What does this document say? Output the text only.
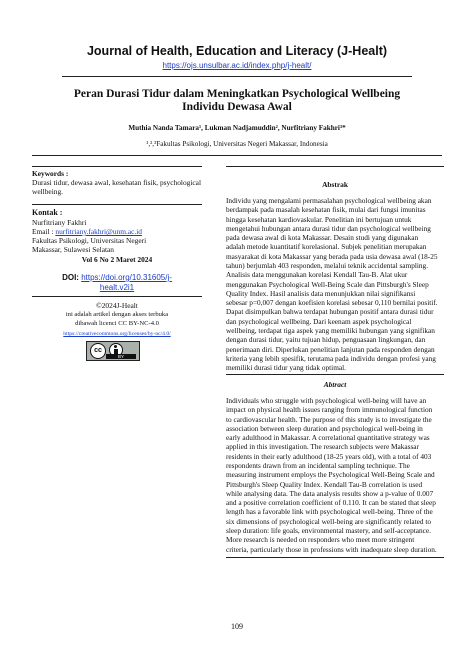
Journal of Health, Education and Literacy (J-Healt)
https://ojs.unsulbar.ac.id/index.php/j-healt/
Peran Durasi Tidur dalam Meningkatkan Psychological Wellbeing Individu Dewasa Awal
Muthia Nanda Tamara¹, Lukman Nadjamuddin², Nurfitriany Fakhri³*
¹,²,³Fakultas Psikologi, Universitas Negeri Makassar, Indonesia
Keywords :
Durasi tidur, dewasa awal, kesehatan fisik, psychological wellbeing.
Kontak :
Nurfitriany Fakhri
Email : nurfitriany.fakhri@unm.ac.id
Fakultas Psikologi, Universitas Negeri
Makassar, Sulawesi Selatan
Vol 6 No 2 Maret 2024
DOI: https://doi.org/10.31605/j-
healt.v2i1
©2024J-Healt
ini adalah artikel dengan akses terbuka
dibawah licenci CC BY-NC-4.0
https://creativecommons.org/licenses/by-nc/4.0/
cc
BY
Abstrak
Individu yang mengalami permasalahan psychological wellbeing akan
berdampak pada masalah kesehatan fisik, mulai dari fungsi imunitas
hingga kesehatan kardiovaskular. Penelitian ini bertujuan untuk
mengetahui hubungan antara durasi tidur dan psychological wellbeing
pada dewasa awal di kota Makassar. Desain studi yang digunakan
adalah metode kuantitatif korelasional. Subjek penelitian merupakan
masyarakat di kota Makassar yang berada pada usia dewasa awal (18-25
tahun) berjumlah 403 responden, melalui teknik accidental sampling.
Analisis data menggunakan korelasi Kendall Tau-B. Alat ukur
menggunakan Psychological Well-Being Scale dan Pittsburgh's Sleep
Quality Index. Hasil analisis data menunjukkan nilai signifikansi
sebesar p=0,007 dengan koefisien korelasi sebesar 0,110 bernilai positif.
Dapat disimpulkan bahwa terdapat hubungan positif antara durasi tidur
dan psychological wellbeing. Dari keenam aspek psychological
wellbeing, terdapat tiga aspek yang memiliki hubungan yang signifikan
dengan durasi tidur, yaitu tujuan hidup, penguasaan lingkungan, dan
penerimaan diri. Diperlukan penelitian lanjutan pada responden dengan
kriteria yang lebih spesifik, terutama pada individu dengan profesi yang
memiliki durasi tidur yang tidak optimal.
Abtract
Individuals who struggle with psychological well-being will have an
impact on physical health issues ranging from immunological function
to cardiovascular health. The purpose of this study is to investigate the
association between sleep duration and psychological well-being in
early adulthood in Makassar. A correlational quantitative strategy was
applied in this investigation. The research subjects were Makassar
residents in their early adulthood (18-25 years old), with a total of 403
respondents drawn from an incidental sampling technique. The
measuring instrument employs the Psychological Well-Being Scale and
Pittsburgh's Sleep Quality Index. Kendall Tau-B correlation is used
while analysing data. The data analysis results show a p-value of 0.007
and a positive correlation coefficient of 0.110. It can be stated that sleep
length has a favorable link with psychological well-being. Three of the
six dimensions of psychological well-being are significantly related to
sleep duration: life goals, environmental mastery, and self-acceptance.
More research is needed on responders who meet more stringent
criteria, particularly those in professions with inadequate sleep duration.
109
